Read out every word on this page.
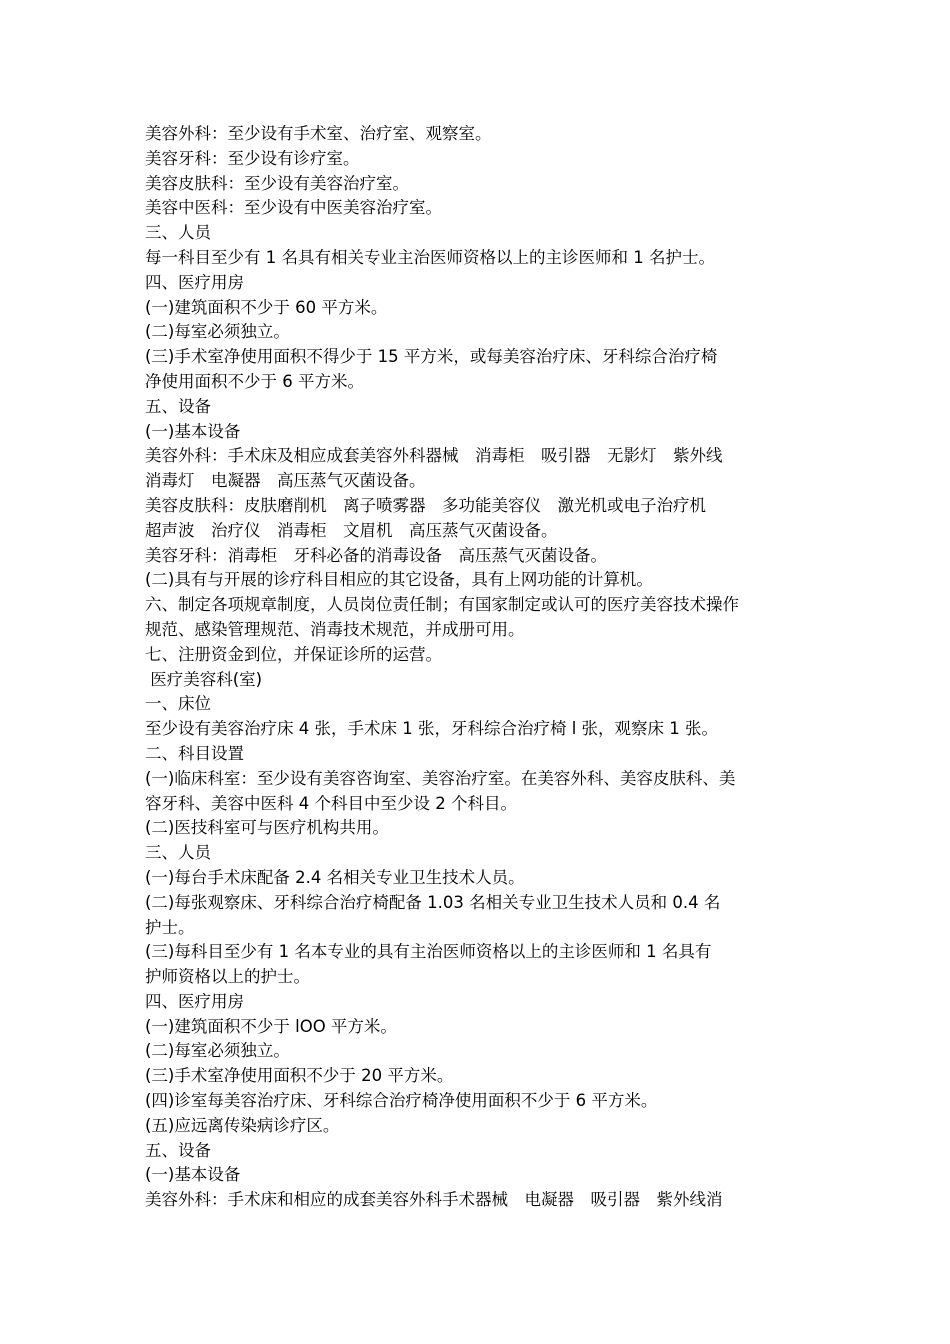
美容外科：至少设有手术室、治疗室、观察室。
美容牙科：至少设有诊疗室。
美容皮肤科：至少设有美容治疗室。
美容中医科：至少设有中医美容治疗室。
三、人员
每一科目至少有 1 名具有相关专业主治医师资格以上的主诊医师和 1 名护士。
四、医疗用房
(一)建筑面积不少于 60 平方米。
(二)每室必须独立。
(三)手术室净使用面积不得少于 15 平方米，或每美容治疗床、牙科综合治疗椅
净使用面积不少于 6 平方米。
五、设备
(一)基本设备
美容外科：手术床及相应成套美容外科器械　消毒柜　吸引器　无影灯　紫外线
消毒灯　电凝器　高压蒸气灭菌设备。
美容皮肤科：皮肤磨削机　离子喷雾器　多功能美容仪　激光机或电子治疗机
超声波　治疗仪　消毒柜　文眉机　高压蒸气灭菌设备。
美容牙科：消毒柜　牙科必备的消毒设备　高压蒸气灭菌设备。
(二)具有与开展的诊疗科目相应的其它设备，具有上网功能的计算机。
六、制定各项规章制度，人员岗位责任制；有国家制定或认可的医疗美容技术操作
规范、感染管理规范、消毒技术规范，并成册可用。
七、注册资金到位，并保证诊所的运营。
医疗美容科(室)
一、床位
至少设有美容治疗床 4 张，手术床 1 张，牙科综合治疗椅 l 张，观察床 1 张。
二、科目设置
(一)临床科室：至少设有美容咨询室、美容治疗室。在美容外科、美容皮肤科、美
容牙科、美容中医科 4 个科目中至少设 2 个科目。
(二)医技科室可与医疗机构共用。
三、人员
(一)每台手术床配备 2.4 名相关专业卫生技术人员。
(二)每张观察床、牙科综合治疗椅配备 1.03 名相关专业卫生技术人员和 0.4 名
护士。
(三)每科目至少有 1 名本专业的具有主治医师资格以上的主诊医师和 1 名具有
护师资格以上的护士。
四、医疗用房
(一)建筑面积不少于 lOO 平方米。
(二)每室必须独立。
(三)手术室净使用面积不少于 20 平方米。
(四)诊室每美容治疗床、牙科综合治疗椅净使用面积不少于 6 平方米。
(五)应远离传染病诊疗区。
五、设备
(一)基本设备
美容外科：手术床和相应的成套美容外科手术器械　电凝器　吸引器　紫外线消
